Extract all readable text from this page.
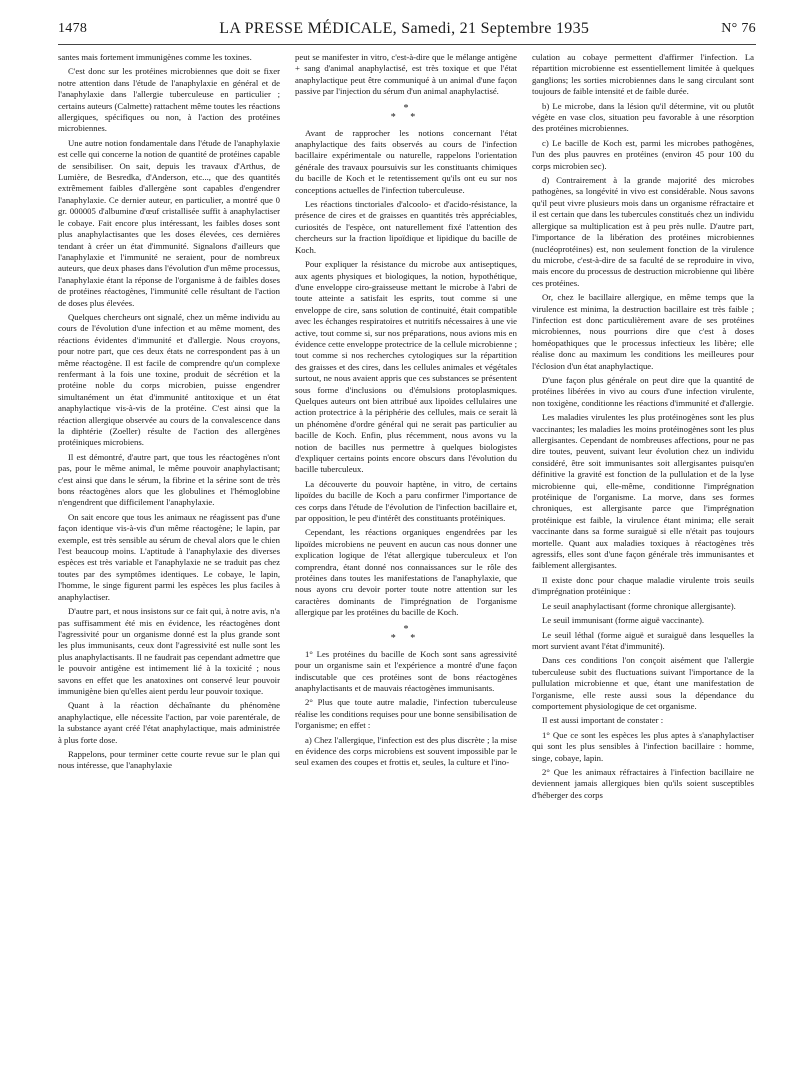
1478	LA PRESSE MÉDICALE, Samedi, 21 Septembre 1935	N° 76

santes mais fortement immunigènes comme les toxines.

C'est donc sur les protéines microbiennes que doit se fixer notre attention dans l'étude de l'anaphylaxie en général et de l'anaphylaxie dans l'allergie tuberculeuse en particulier ; certains auteurs (Calmette) rattachent même toutes les réactions allergiques, spécifiques ou non, à l'action des protéines microbiennes.

Une autre notion fondamentale dans l'étude de l'anaphylaxie est celle qui concerne la notion de quantité de protéines capable de sensibiliser. On sait, depuis les travaux d'Arthus, de Lumière, de Besredka, d'Anderson, etc..., que des quantités extrêmement faibles d'allergène sont capables d'engendrer l'anaphylaxie. Ce dernier auteur, en particulier, a montré que 0 gr. 000005 d'albumine d'œuf cristallisée suffit à anaphylactiser le cobaye. Fait encore plus intéressant, les faibles doses sont plus anaphylactisantes que les doses élevées, ces dernières tendant à créer un état d'immunité. Signalons d'ailleurs que l'anaphylaxie et l'immunité ne seraient, pour de nombreux auteurs, que deux phases dans l'évolution d'un même processus, l'anaphylaxie étant la réponse de l'organisme à de faibles doses de protéines réactogènes, l'immunité celle résultant de l'action de doses plus élevées.

Quelques chercheurs ont signalé, chez un même individu au cours de l'évolution d'une infection et au même moment, des réactions évidentes d'immunité et d'allergie. Nous croyons, pour notre part, que ces deux états ne correspondent pas à un même réactogène. Il est facile de comprendre qu'un complexe renfermant à la fois une toxine, produit de sécrétion et la protéine noble du corps microbien, puisse engendrer simultanément un état d'immunité antitoxique et un état anaphylactique vis-à-vis de la protéine. C'est ainsi que la réaction allergique observée au cours de la convalescence dans la diphtérie (Zoeller) résulte de l'action des allergènes protéiniques microbiens.

Il est démontré, d'autre part, que tous les réactogènes n'ont pas, pour le même animal, le même pouvoir anaphylactisant; c'est ainsi que dans le sérum, la fibrine et la sérine sont de très bons réactogènes alors que les globulines et l'hémoglobine n'engendrent que difficilement l'anaphylaxie.

On sait encore que tous les animaux ne réagissent pas d'une façon identique vis-à-vis d'un même réactogène; le lapin, par exemple, est très sensible au sérum de cheval alors que le chien l'est beaucoup moins. L'aptitude à l'anaphylaxie des diverses espèces est très variable et l'anaphylaxie ne se traduit pas chez toutes par des symptômes identiques. Le cobaye, le lapin, l'homme, le singe figurent parmi les espèces les plus faciles à anaphylactiser.

D'autre part, et nous insistons sur ce fait qui, à notre avis, n'a pas suffisamment été mis en évidence, les réactogènes dont l'agressivité pour un organisme donné est la plus grande sont les plus immunisants, ceux dont l'agressivité est nulle sont les plus anaphylactisants. Il ne faudrait pas cependant admettre que le pouvoir antigène est intimement lié à la toxicité ; nous savons en effet que les anatoxines ont conservé leur pouvoir immunigène bien qu'elles aient perdu leur pouvoir toxique.

Quant à la réaction déchaînante du phénomène anaphylactique, elle nécessite l'action, par voie parentérale, de la substance ayant créé l'état anaphylactique, mais administrée à plus forte dose.

Rappelons, pour terminer cette courte revue sur le plan qui nous intéresse, que l'anaphylaxie

peut se manifester in vitro, c'est-à-dire que le mélange antigène + sang d'animal anaphylactisé, est très toxique et que l'état anaphylactique peut être communiqué à un animal d'une façon passive par l'injection du sérum d'un animal anaphylactisé.

*
* *

Avant de rapprocher les notions concernant l'état anaphylactique des faits observés au cours de l'infection bacillaire expérimentale ou naturelle, rappelons l'orientation générale des travaux poursuivis sur les constituants chimiques du bacille de Koch et le retentissement qu'ils ont eu sur nos conceptions actuelles de l'infection tuberculeuse.

Les réactions tinctoriales d'alcoolo- et d'acido-résistance, la présence de cires et de graisses en quantités très appréciables, curiosités de l'espèce, ont naturellement fixé l'attention des chercheurs sur la fraction lipoïdique et lipidique du bacille de Koch.

Pour expliquer la résistance du microbe aux antiseptiques, aux agents physiques et biologiques, la notion, hypothétique, d'une enveloppe ciro-graisseuse mettant le microbe à l'abri de toute atteinte a satisfait les esprits, tout comme si une enveloppe de cire, sans solution de continuité, était compatible avec les échanges respiratoires et nutritifs nécessaires à une vie active, tout comme si, sur nos préparations, nous avions mis en évidence cette enveloppe protectrice de la cellule microbienne ; tout comme si nos recherches cytologiques sur la répartition des graisses et des cires, dans les cellules animales et végétales surtout, ne nous avaient appris que ces substances se présentent sous forme d'inclusions ou d'émulsions protoplasmiques. Quelques auteurs ont bien attribué aux lipoïdes cellulaires une action protectrice à la périphérie des cellules, mais ce serait là un phénomène d'ordre général qui ne serait pas particulier au bacille de Koch. Enfin, plus récemment, nous avons vu la notion de bacilles nus permettre à quelques biologistes d'expliquer certains points encore obscurs dans l'évolution du bacille tuberculeux.

La découverte du pouvoir haptène, in vitro, de certains lipoïdes du bacille de Koch a paru confirmer l'importance de ces corps dans l'étude de l'évolution de l'infection bacillaire et, par opposition, le peu d'intérêt des constituants protéiniques.

Cependant, les réactions organiques engendrées par les lipoïdes microbiens ne peuvent en aucun cas nous donner une explication logique de l'état allergique tuberculeux et l'on comprendra, étant donné nos connaissances sur le rôle des protéines dans toutes les manifestations de l'anaphylaxie, que nous ayons cru devoir porter toute notre attention sur les caractères dominants de l'imprégnation de l'organisme allergique par les protéines du bacille de Koch.

*
* *

1° Les protéines du bacille de Koch sont sans agressivité pour un organisme sain et l'expérience a montré d'une façon indiscutable que ces protéines sont de bons réactogènes anaphylactisants et de mauvais réactogènes immunisants.

2° Plus que toute autre maladie, l'infection tuberculeuse réalise les conditions requises pour une bonne sensibilisation de l'organisme; en effet :

a) Chez l'allergique, l'infection est des plus discrète ; la mise en évidence des corps microbiens est souvent impossible par le seul examen des coupes et frottis et, seules, la culture et l'ino-

culation au cobaye permettent d'affirmer l'infection. La répartition microbienne est essentiellement limitée à quelques ganglions; les sorties microbiennes dans le sang circulant sont toujours de faible intensité et de faible durée.

b) Le microbe, dans la lésion qu'il détermine, vit ou plutôt végète en vase clos, situation peu favorable à une résorption des protéines microbiennes.

c) Le bacille de Koch est, parmi les microbes pathogènes, l'un des plus pauvres en protéines (environ 45 pour 100 du corps microbien sec).

d) Contrairement à la grande majorité des microbes pathogènes, sa longévité in vivo est considérable. Nous savons qu'il peut vivre plusieurs mois dans un organisme réfractaire et il est certain que dans les tubercules constitués chez un individu allergique sa multiplication est à peu près nulle. D'autre part, l'importance de la libération des protéines microbiennes (nucléoprotéines) est, non seulement fonction de la virulence du microbe, c'est-à-dire de sa faculté de se reproduire in vivo, mais encore du processus de destruction microbienne qui libère ces protéines.

Or, chez le bacillaire allergique, en même temps que la virulence est minima, la destruction bacillaire est très faible ; l'infection est donc particulièrement avare de ses protéines microbiennes, nous pourrions dire que c'est à doses homéopathiques que le processus infectieux les libère; elle réalise donc au maximum les conditions les meilleures pour l'éclosion d'un état anaphylactique.

D'une façon plus générale on peut dire que la quantité de protéines libérées in vivo au cours d'une infection virulente, non toxigène, conditionne les réactions d'immunité et d'allergie.

Les maladies virulentes les plus protéinogènes sont les plus vaccinantes; les maladies les moins protéinogènes sont les plus allergisantes. Cependant de nombreuses affections, pour ne pas dire toutes, peuvent, suivant leur évolution chez un individu considéré, être soit immunisantes soit allergisantes puisqu'en définitive la gravité est fonction de la pullulation et de la lyse microbienne qui, elle-même, conditionne l'imprégnation protéinique de l'organisme. La morve, dans ses formes chroniques, est allergisante parce que l'imprégnation protéinique est faible, la virulence étant minima; elle serait vaccinante dans sa forme suraiguë si elle n'était pas toujours mortelle. Quant aux maladies toxiques à réactogènes très agressifs, elles sont d'une façon générale très immunisantes et faiblement allergisantes.

Il existe donc pour chaque maladie virulente trois seuils d'imprégnation protéinique :

Le seuil anaphylactisant (forme chronique allergisante).

Le seuil immunisant (forme aiguë vaccinante).

Le seuil léthal (forme aiguë et suraiguë dans lesquelles la mort survient avant l'état d'immunité).

Dans ces conditions l'on conçoit aisément que l'allergie tuberculeuse subit des fluctuations suivant l'importance de la pullulation microbienne et que, étant une manifestation de l'organisme, elle reste aussi sous la dépendance du comportement physiologique de cet organisme.

Il est aussi important de constater :

1° Que ce sont les espèces les plus aptes à s'anaphylactiser qui sont les plus sensibles à l'infection bacillaire : homme, singe, cobaye, lapin.

2° Que les animaux réfractaires à l'infection bacillaire ne deviennent jamais allergiques bien qu'ils soient susceptibles d'héberger des corps
